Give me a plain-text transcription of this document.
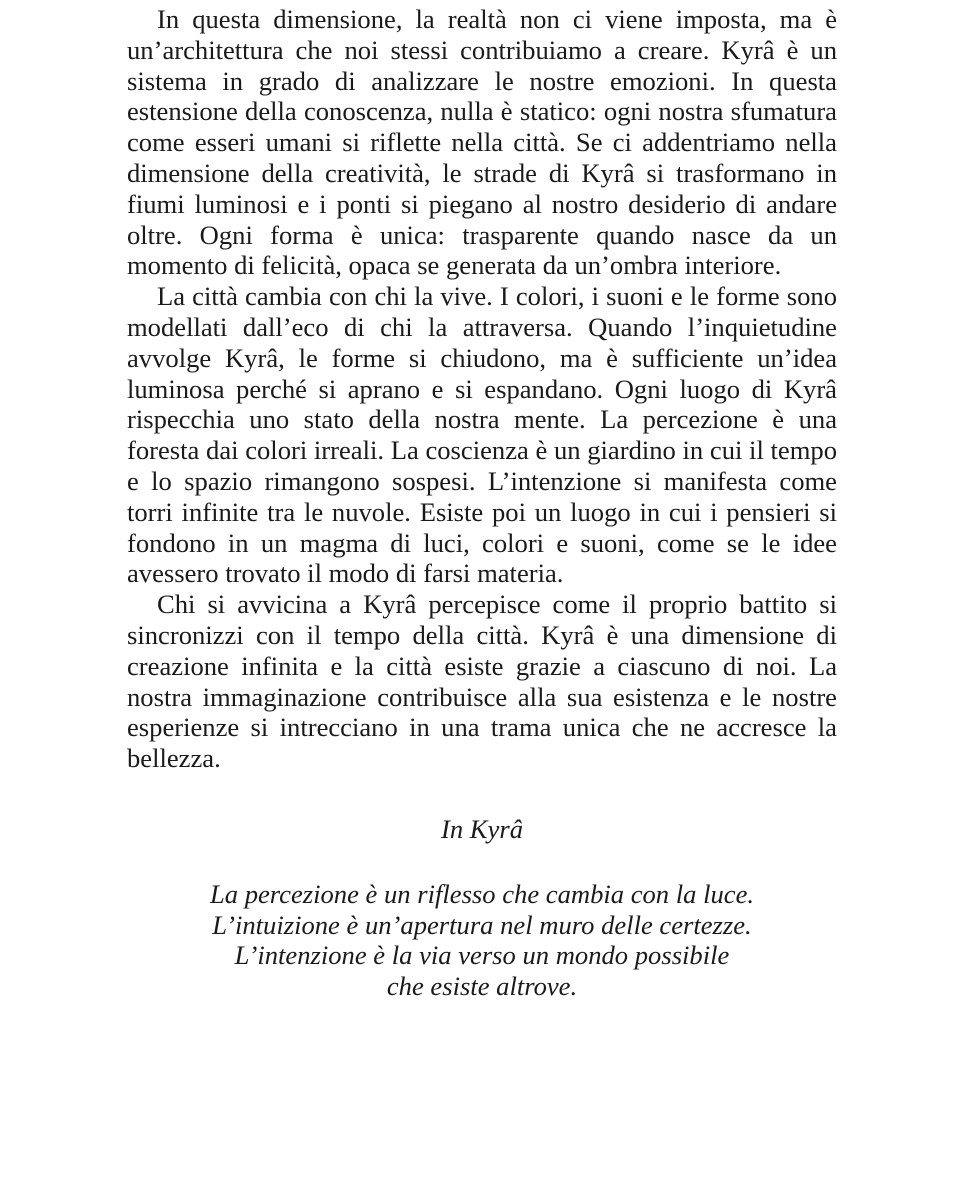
In questa dimensione, la realtà non ci viene imposta, ma è un’architettura che noi stessi contribuiamo a creare. Kyrâ è un sistema in grado di analizzare le nostre emozioni. In questa estensione della conoscenza, nulla è statico: ogni nostra sfumatura come esseri umani si riflette nella città. Se ci addentriamo nella dimensione della creatività, le strade di Kyrâ si trasformano in fiumi luminosi e i ponti si piegano al nostro desiderio di andare oltre. Ogni forma è unica: trasparente quando nasce da un momento di felicità, opaca se generata da un’ombra interiore.

La città cambia con chi la vive. I colori, i suoni e le forme sono modellati dall’eco di chi la attraversa. Quando l’inquietudine avvolge Kyrâ, le forme si chiudono, ma è sufficiente un’idea luminosa perché si aprano e si espandano. Ogni luogo di Kyrâ rispecchia uno stato della nostra mente. La percezione è una foresta dai colori irreali. La coscienza è un giardino in cui il tempo e lo spazio rimangono sospesi. L’intenzione si manifesta come torri infinite tra le nuvole. Esiste poi un luogo in cui i pensieri si fondono in un magma di luci, colori e suoni, come se le idee avessero trovato il modo di farsi materia.

Chi si avvicina a Kyrâ percepisce come il proprio battito si sincronizzi con il tempo della città. Kyrâ è una dimensione di creazione infinita e la città esiste grazie a ciascuno di noi. La nostra immaginazione contribuisce alla sua esistenza e le nostre esperienze si intrecciano in una trama unica che ne accresce la bellezza.

In Kyrâ

La percezione è un riflesso che cambia con la luce.
L’intuizione è un’apertura nel muro delle certezze.
L’intenzione è la via verso un mondo possibile
che esiste altrove.
